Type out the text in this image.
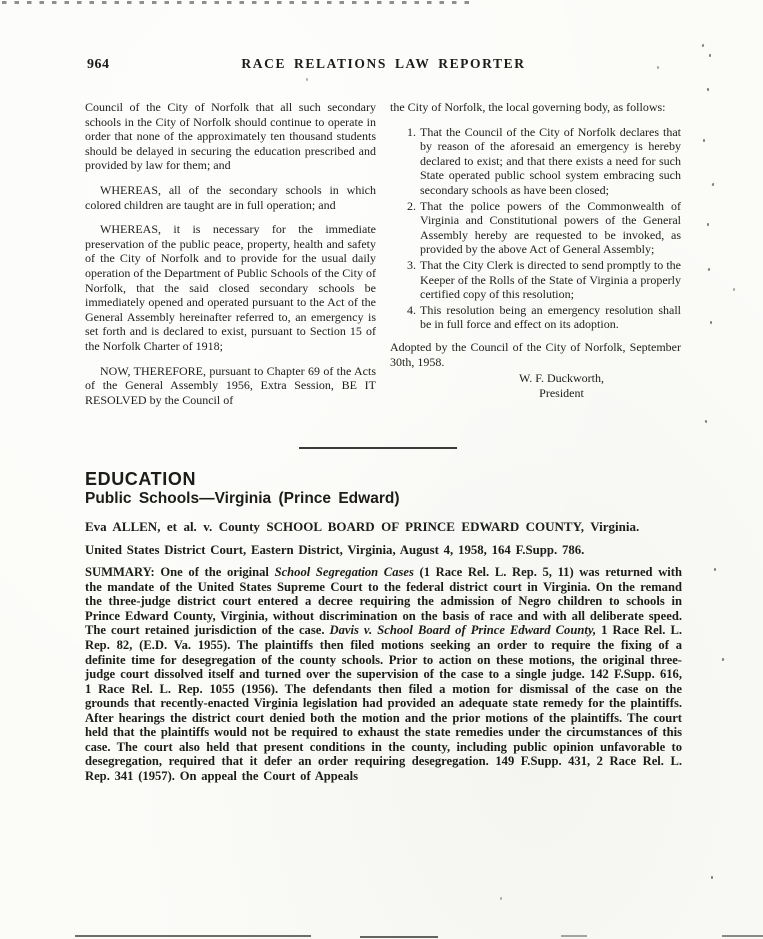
964	RACE RELATIONS LAW REPORTER

Council of the City of Norfolk that all such secondary schools in the City of Norfolk should continue to operate in order that none of the approximately ten thousand students should be delayed in securing the education prescribed and provided by law for them; and

WHEREAS, all of the secondary schools in which colored children are taught are in full operation; and

WHEREAS, it is necessary for the immediate preservation of the public peace, property, health and safety of the City of Norfolk and to provide for the usual daily operation of the Department of Public Schools of the City of Norfolk, that the said closed secondary schools be immediately opened and operated pursuant to the Act of the General Assembly hereinafter referred to, an emergency is set forth and is declared to exist, pursuant to Section 15 of the Norfolk Charter of 1918;

NOW, THEREFORE, pursuant to Chapter 69 of the Acts of the General Assembly 1956, Extra Session, BE IT RESOLVED by the Council of

the City of Norfolk, the local governing body, as follows:

1. That the Council of the City of Norfolk declares that by reason of the aforesaid an emergency is hereby declared to exist; and that there exists a need for such State operated public school system embracing such secondary schools as have been closed;
2. That the police powers of the Commonwealth of Virginia and Constitutional powers of the General Assembly hereby are requested to be invoked, as provided by the above Act of General Assembly;
3. That the City Clerk is directed to send promptly to the Keeper of the Rolls of the State of Virginia a properly certified copy of this resolution;
4. This resolution being an emergency resolution shall be in full force and effect on its adoption.

Adopted by the Council of the City of Norfolk, September 30th, 1958.

W. F. Duckworth,
President
EDUCATION
Public Schools—Virginia (Prince Edward)

Eva ALLEN, et al. v. County SCHOOL BOARD OF PRINCE EDWARD COUNTY, Virginia.

United States District Court, Eastern District, Virginia, August 4, 1958, 164 F.Supp. 786.

SUMMARY: One of the original School Segregation Cases (1 Race Rel. L. Rep. 5, 11) was returned with the mandate of the United States Supreme Court to the federal district court in Virginia. On the remand the three-judge district court entered a decree requiring the admission of Negro children to schools in Prince Edward County, Virginia, without discrimination on the basis of race and with all deliberate speed. The court retained jurisdiction of the case. Davis v. School Board of Prince Edward County, 1 Race Rel. L. Rep. 82, (E.D. Va. 1955). The plaintiffs then filed motions seeking an order to require the fixing of a definite time for desegregation of the county schools. Prior to action on these motions, the original three-judge court dissolved itself and turned over the supervision of the case to a single judge. 142 F.Supp. 616, 1 Race Rel. L. Rep. 1055 (1956). The defendants then filed a motion for dismissal of the case on the grounds that recently-enacted Virginia legislation had provided an adequate state remedy for the plaintiffs. After hearings the district court denied both the motion and the prior motions of the plaintiffs. The court held that the plaintiffs would not be required to exhaust the state remedies under the circumstances of this case. The court also held that present conditions in the county, including public opinion unfavorable to desegregation, required that it defer an order requiring desegregation. 149 F.Supp. 431, 2 Race Rel. L. Rep. 341 (1957). On appeal the Court of Appeals
